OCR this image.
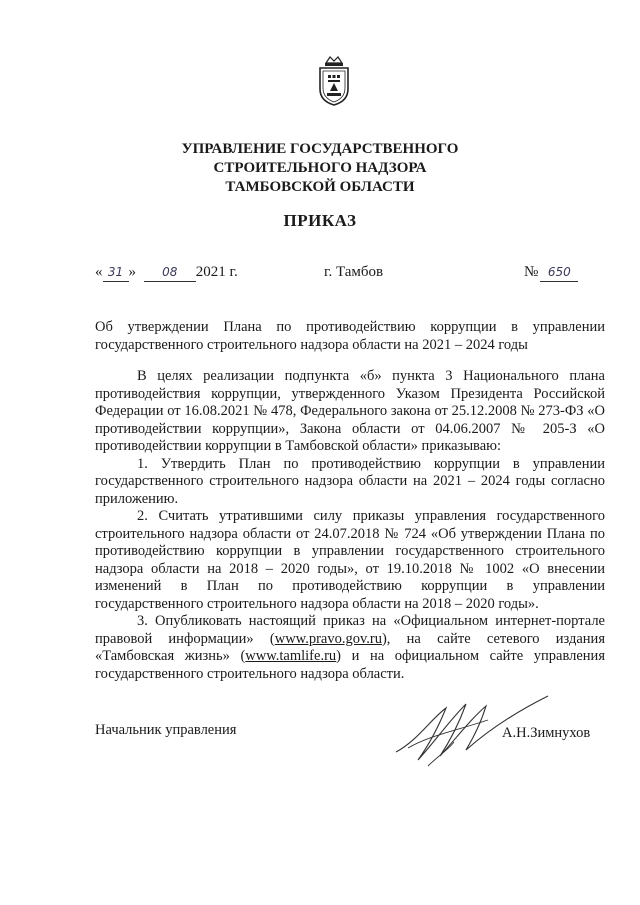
УПРАВЛЕНИЕ ГОСУДАРСТВЕННОГО
СТРОИТЕЛЬНОГО НАДЗОРА
ТАМБОВСКОЙ ОБЛАСТИ
ПРИКАЗ
« 31 » 08 2021 г.	г. Тамбов	№ 650
Об утверждении Плана по противодействию коррупции в управлении государственного строительного надзора области на 2021 – 2024 годы

В целях реализации подпункта «б» пункта 3 Национального плана противодействия коррупции, утвержденного Указом Президента Российской Федерации от 16.08.2021 № 478, Федерального закона от 25.12.2008 № 273-ФЗ «О противодействии коррупции», Закона области от 04.06.2007 № 205-З «О противодействии коррупции в Тамбовской области» приказываю:

1. Утвердить План по противодействию коррупции в управлении государственного строительного надзора области на 2021 – 2024 годы согласно приложению.

2. Считать утратившими силу приказы управления государственного строительного надзора области от 24.07.2018 № 724 «Об утверждении Плана по противодействию коррупции в управлении государственного строительного надзора области на 2018 – 2020 годы», от 19.10.2018 № 1002 «О внесении изменений в План по противодействию коррупции в управлении государственного строительного надзора области на 2018 – 2020 годы».

3. Опубликовать настоящий приказ на «Официальном интернет-портале правовой информации» (www.pravo.gov.ru), на сайте сетевого издания «Тамбовская жизнь» (www.tamlife.ru) и на официальном сайте управления государственного строительного надзора области.

Начальник управления	А.Н.Зимнухов
